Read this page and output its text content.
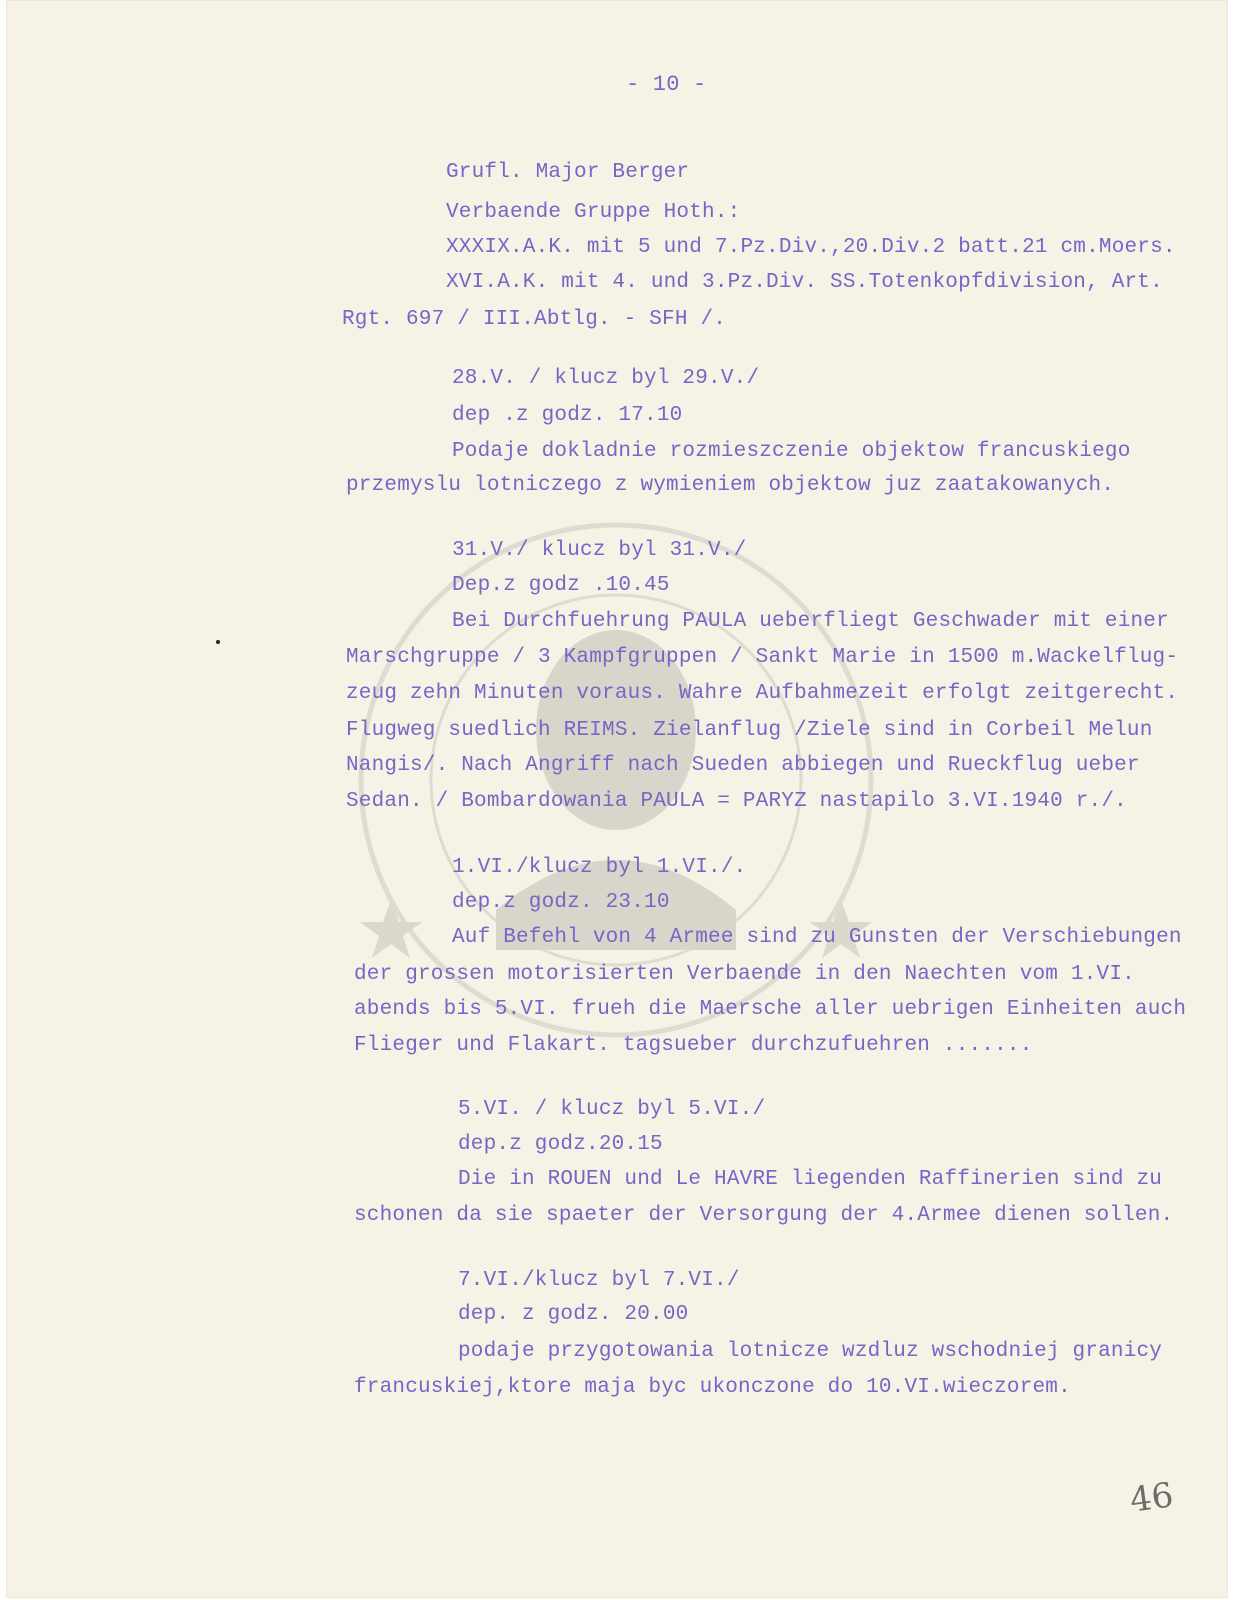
- 10 -
Grufl. Major Berger
Verbaende Gruppe Hoth.:
XXXIX.A.K. mit 5 und 7.Pz.Div.,20.Div.2 batt.21 cm.Moers.
XVI.A.K. mit 4. und 3.Pz.Div. SS.Totenkopfdivision, Art.
Rgt. 697 / III.Abtlg. - SFH /.
28.V. / klucz byl 29.V./
dep .z godz. 17.10
Podaje dokladnie rozmieszczenie objektow francuskiego
przemyslu lotniczego z wymieniem objektow juz zaatakowanych.
31.V./ klucz byl 31.V./
Dep.z godz .10.45
Bei Durchfuehrung PAULA ueberfliegt Geschwader mit einer
Marschgruppe / 3 Kampfgruppen / Sankt Marie in 1500 m.Wackelflug-
zeug zehn Minuten voraus. Wahre Aufbahmezeit erfolgt zeitgerecht.
Flugweg suedlich REIMS. Zielanflug /Ziele sind in Corbeil Melun
Nangis/. Nach Angriff nach Sueden abbiegen und Rueckflug ueber
Sedan. / Bombardowania PAULA = PARYZ nastapilo 3.VI.1940 r./.
1.VI./klucz byl 1.VI./.
dep.z godz. 23.10
Auf Befehl von 4 Armee sind zu Gunsten der Verschiebungen
der grossen motorisierten Verbaende in den Naechten vom 1.VI.
abends bis 5.VI. frueh die Maersche aller uebrigen Einheiten auch
Flieger und Flakart. tagsueber durchzufuehren .......
5.VI. / klucz byl 5.VI./
dep.z godz.20.15
Die in ROUEN und Le HAVRE liegenden Raffinerien sind zu
schonen da sie spaeter der Versorgung der 4.Armee dienen sollen.
7.VI./klucz byl 7.VI./
dep. z godz. 20.00
podaje przygotowania lotnicze wzdluz wschodniej granicy
francuskiej,ktore maja byc ukonczone do 10.VI.wieczorem.
46
